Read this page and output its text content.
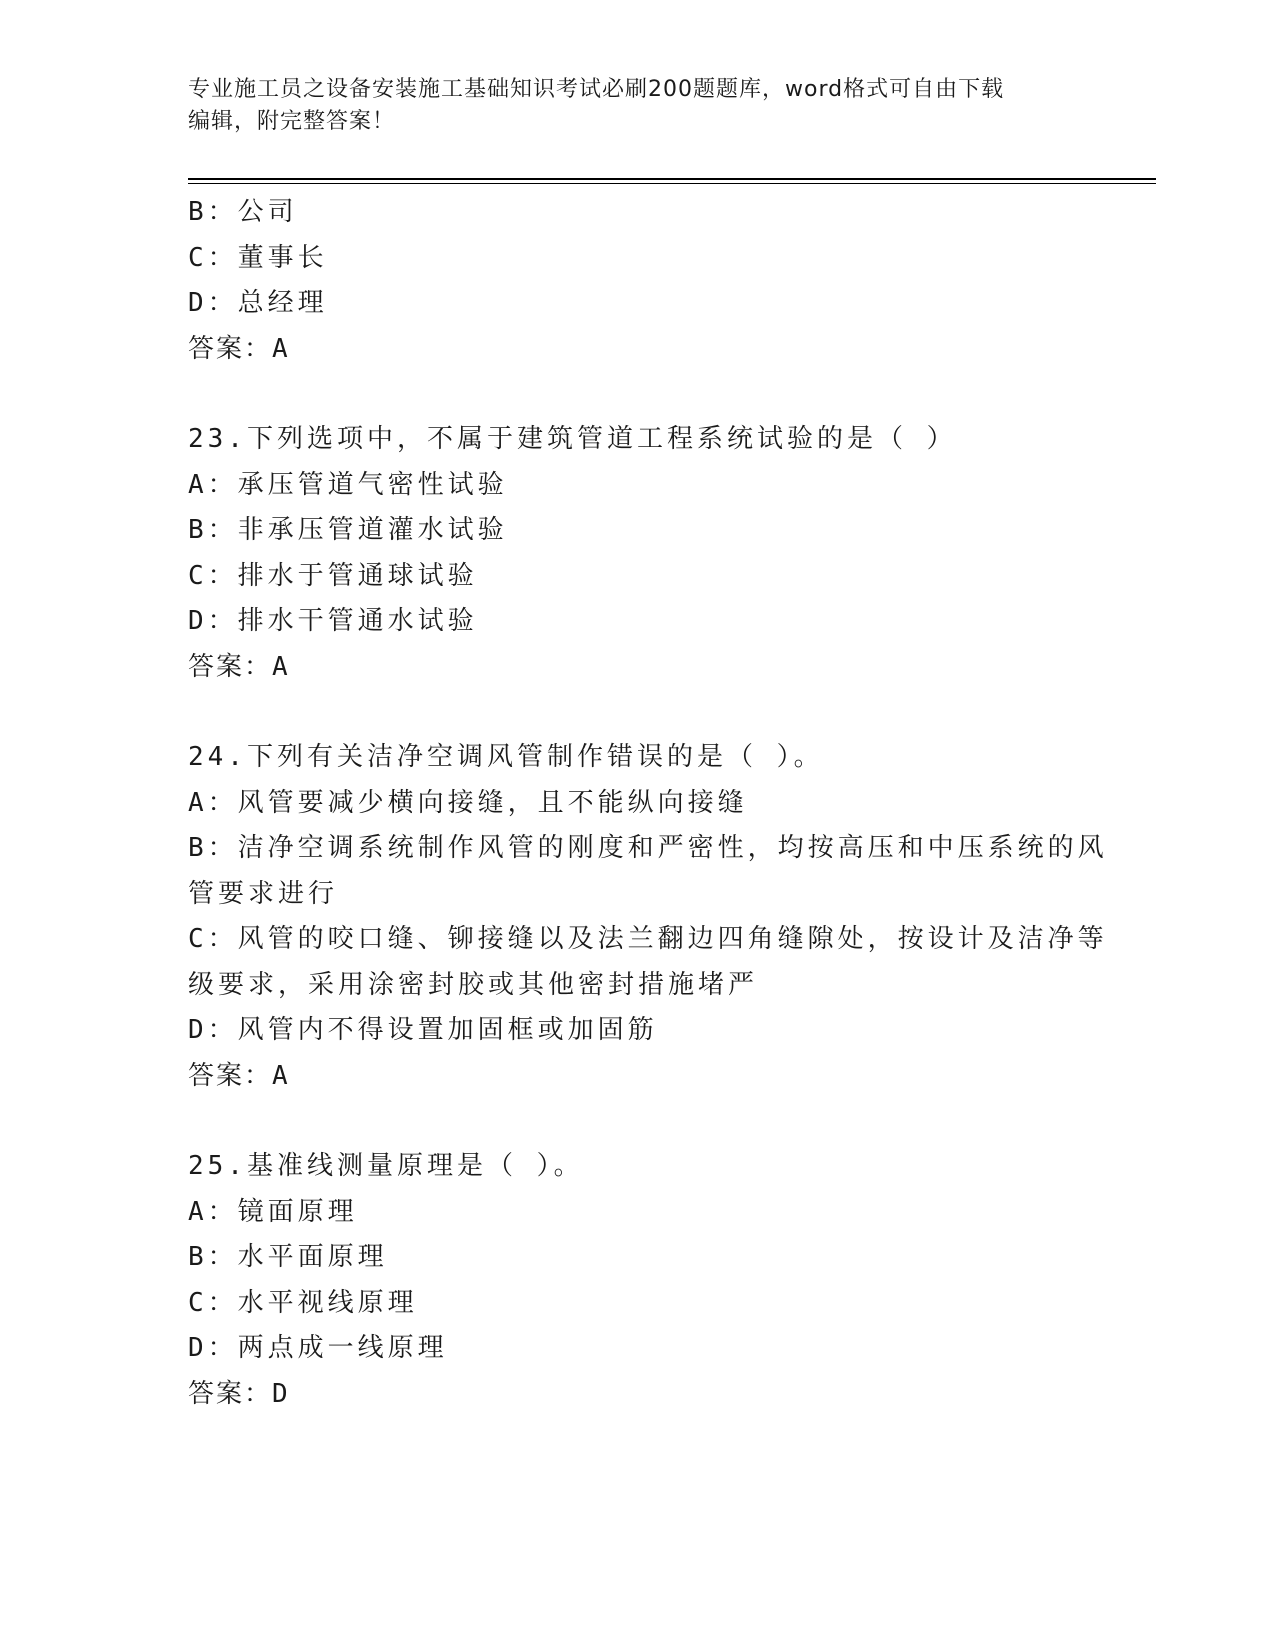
专业施工员之设备安装施工基础知识考试必刷200题题库，word格式可自由下载
编辑，附完整答案！
B：公司
C：董事长
D：总经理
答案：A
23.下列选项中，不属于建筑管道工程系统试验的是（ ）
A：承压管道气密性试验
B：非承压管道灌水试验
C：排水于管通球试验
D：排水干管通水试验
答案：A
24.下列有关洁净空调风管制作错误的是（ ）。
A：风管要减少横向接缝，且不能纵向接缝
B：洁净空调系统制作风管的刚度和严密性，均按高压和中压系统的风
管要求进行
C：风管的咬口缝、铆接缝以及法兰翻边四角缝隙处，按设计及洁净等
级要求，采用涂密封胶或其他密封措施堵严
D：风管内不得设置加固框或加固筋
答案：A
25.基准线测量原理是（ ）。
A：镜面原理
B：水平面原理
C：水平视线原理
D：两点成一线原理
答案：D
